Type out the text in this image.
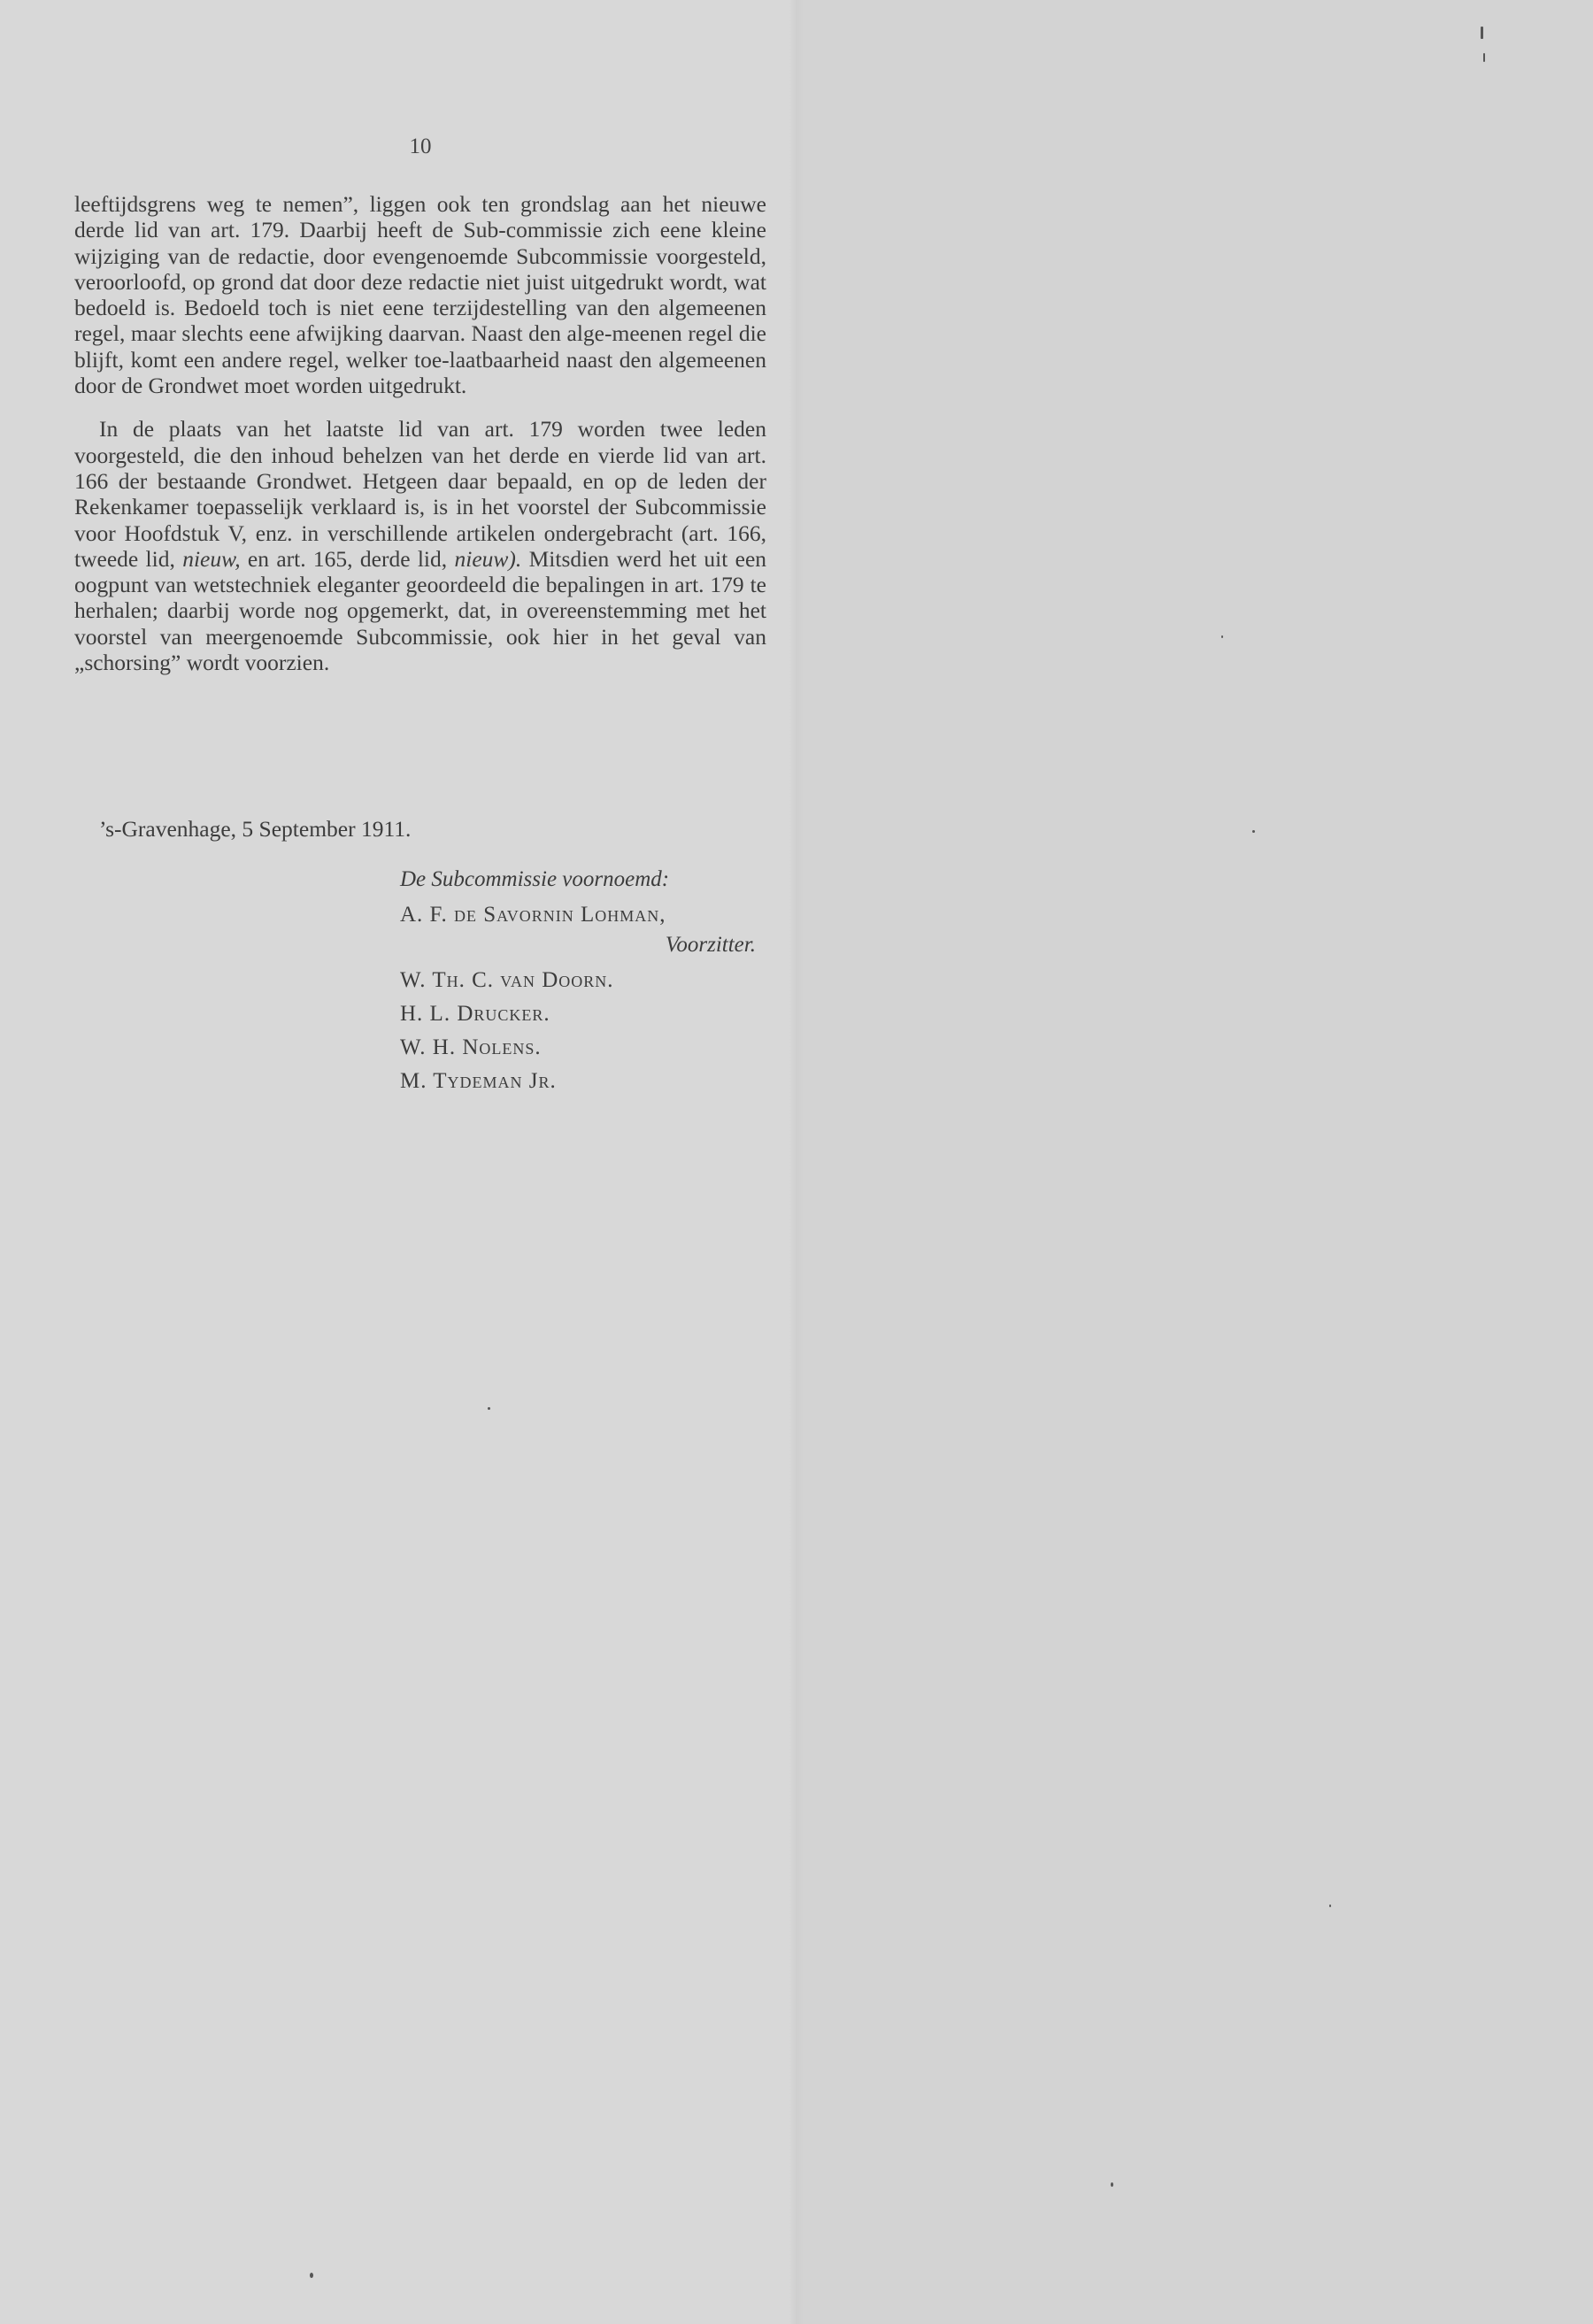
10

leeftijdsgrens weg te nemen”, liggen ook ten grondslag aan het nieuwe derde lid van art. 179. Daarbij heeft de Sub-commissie zich eene kleine wijziging van de redactie, door evengenoemde Subcommissie voorgesteld, veroorloofd, op grond dat door deze redactie niet juist uitgedrukt wordt, wat bedoeld is. Bedoeld toch is niet eene terzijdestelling van den algemeenen regel, maar slechts eene afwijking daarvan. Naast den alge-meenen regel die blijft, komt een andere regel, welker toe-laatbaarheid naast den algemeenen door de Grondwet moet worden uitgedrukt.

In de plaats van het laatste lid van art. 179 worden twee leden voorgesteld, die den inhoud behelzen van het derde en vierde lid van art. 166 der bestaande Grondwet. Hetgeen daar bepaald, en op de leden der Rekenkamer toepasselijk verklaard is, is in het voorstel der Subcommissie voor Hoofdstuk V, enz. in verschillende artikelen ondergebracht (art. 166, tweede lid, nieuw, en art. 165, derde lid, nieuw). Mitsdien werd het uit een oogpunt van wetstechniek eleganter geoordeeld die bepalingen in art. 179 te herhalen; daarbij worde nog opgemerkt, dat, in overeenstemming met het voorstel van meergenoemde Subcommissie, ook hier in het geval van „schorsing” wordt voorzien.

’s-Gravenhage, 5 September 1911.
De Subcommissie voornoemd:
A. F. de Savornin Lohman,
Voorzitter.
W. Th. C. van Doorn.
H. L. Drucker.
W. H. Nolens.
M. Tydeman Jr.
